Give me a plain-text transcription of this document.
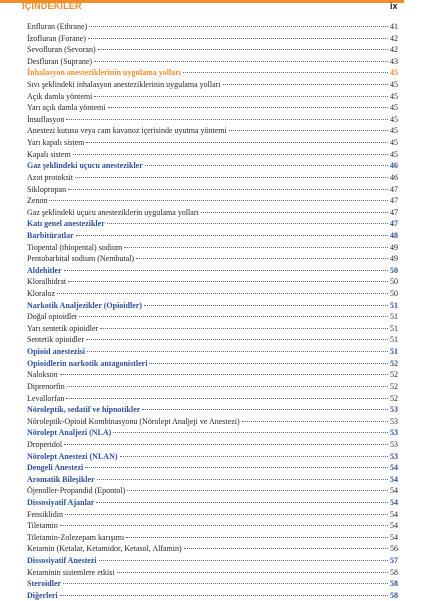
İÇİNDEKİLER	ix
Enfluran (Ethrane)	41
İzofluran (Forane)	42
Sevofluran (Sevoran)	42
Desfluran (Suprane)	43
İnhalasyon anesteziklerinin uygulama yolları	45
Sıvı şeklindeki inhalasyon anesteziklerinin uygulama yolları	45
Açık damla yöntemi	45
Yarı açık damla yöntemi	45
İnsuflasyon	45
Anestezi kutusu veya cam kavanoz içerisinde uyutma yöntemi	45
Yarı kapalı sistem	45
Kapalı sistem	45
Gaz şeklindeki uçucu anestezikler	46
Azot protoksit	46
Siklopropan	47
Zenon	47
Gaz şeklindeki uçucu anesteziklerin uygulama yolları	47
Katı genel anestezikler	47
Barbitüratlar	48
Tiopental (thiopental) sodium	49
Pentobarbital sodium (Nembutal)	49
Aldehitler	50
Kloralhidrat	50
Kloraloz	50
Narkotik Analjezikler (Opioidler)	51
Doğal opioidler	51
Yarı sentetik opioidler	51
Sentetik opioidler	51
Opioid anestezisi	51
Opioidlerin narkotik antagonistleri	52
Nalokson	52
Diprenorfin	52
Levallorfan	52
Nöroleptik, sedatif ve hipnotikler	53
Nöroleptik-Opioid Kombinasyonu (Nörolept Analjeji ve Anestezi)	53
Nörolept Analjezi (NLA)	53
Droperidol	53
Nörolept Anestezi (NLAN)	53
Dengeli Anestezi	54
Aromatik Bileşikler	54
Öjenoller-Propandid (Epontol)	54
Dissosiyatif Ajanlar	54
Fensiklidin	54
Tiletamin	54
Tiletamin-Zolezepam karışımı	54
Ketamin (Ketalar, Ketamidor, Ketasol, Alfamin)	56
Dissosiyatif Anestezi	57
Ketaminin sistemlere etkisi	58
Steroidler	58
Diğerleri	58
